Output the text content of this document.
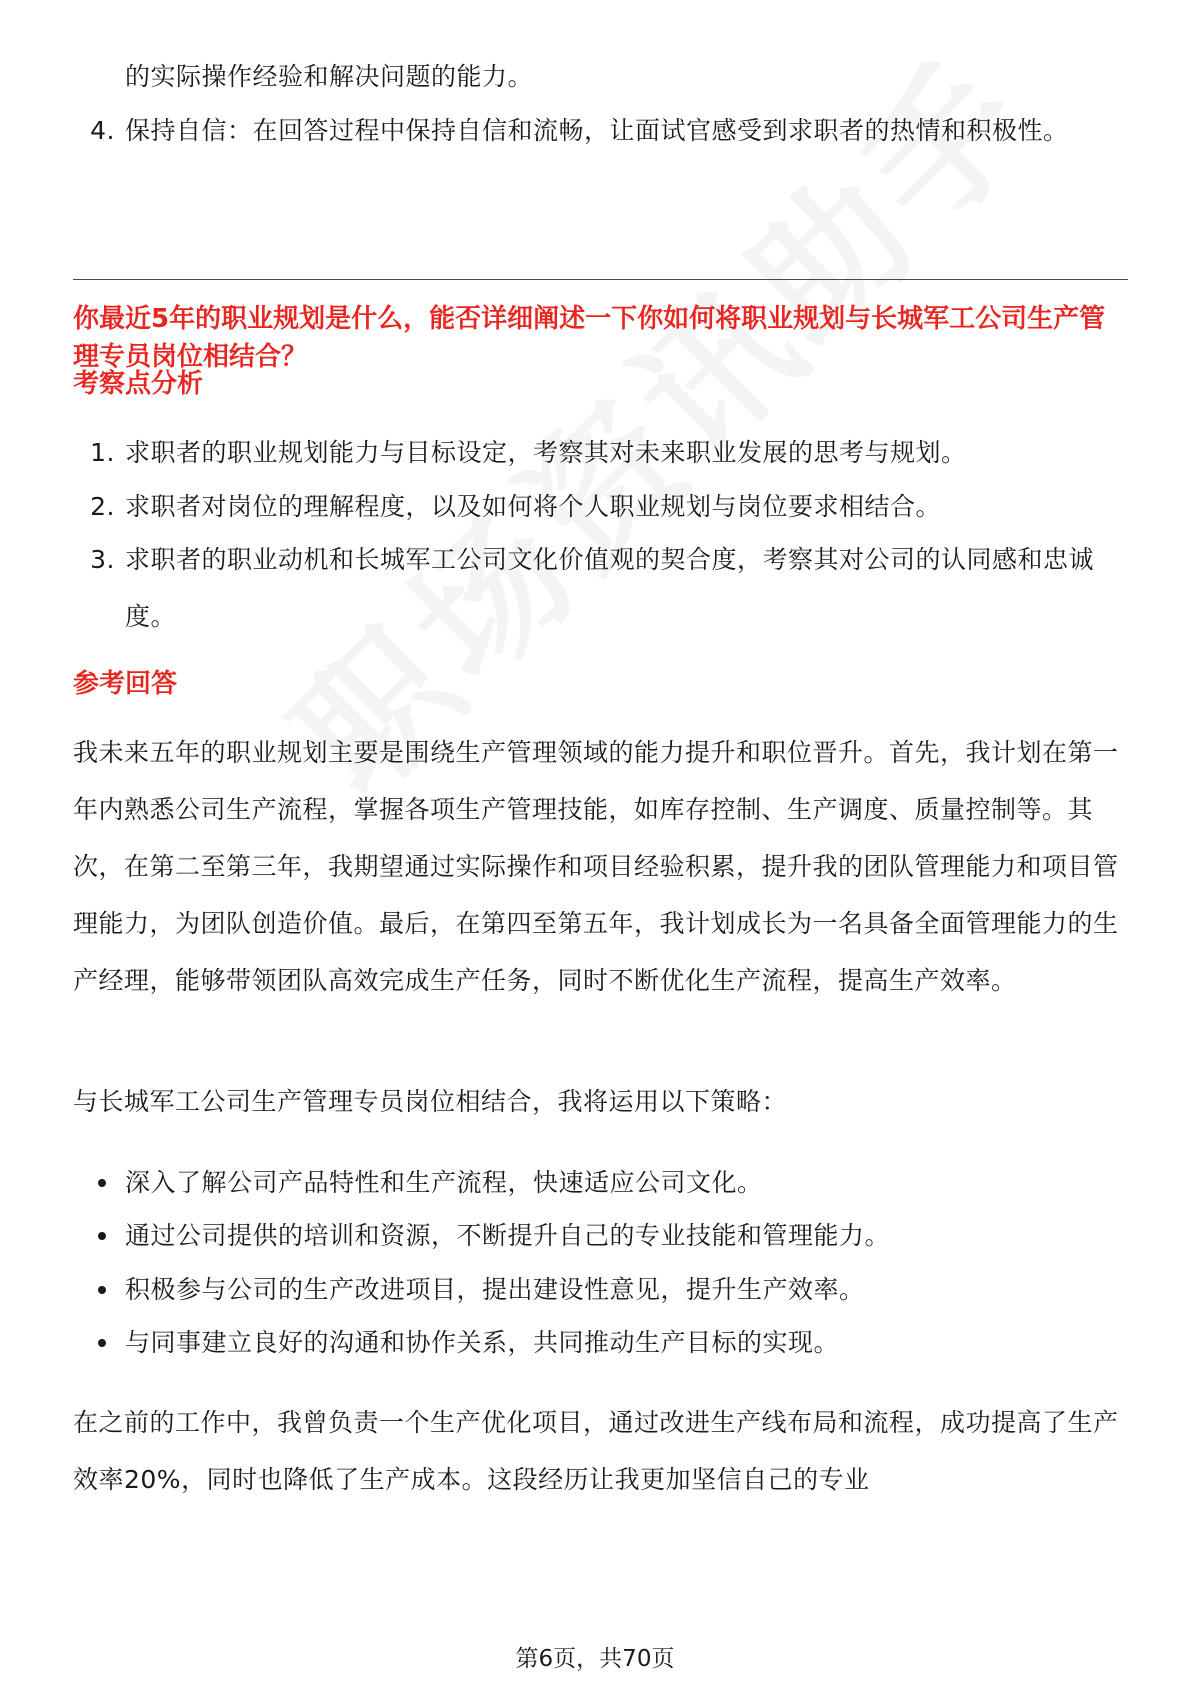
的实际操作经验和解决问题的能力。
4. 保持自信：在回答过程中保持自信和流畅，让面试官感受到求职者的热情和积极性。
你最近5年的职业规划是什么，能否详细阐述一下你如何将职业规划与长城军工公司生产管理专员岗位相结合？
考察点分析
1. 求职者的职业规划能力与目标设定，考察其对未来职业发展的思考与规划。
2. 求职者对岗位的理解程度，以及如何将个人职业规划与岗位要求相结合。
3. 求职者的职业动机和长城军工公司文化价值观的契合度，考察其对公司的认同感和忠诚度。
参考回答
我未来五年的职业规划主要是围绕生产管理领域的能力提升和职位晋升。首先，我计划在第一年内熟悉公司生产流程，掌握各项生产管理技能，如库存控制、生产调度、质量控制等。其次，在第二至第三年，我期望通过实际操作和项目经验积累，提升我的团队管理能力和项目管理能力，为团队创造价值。最后，在第四至第五年，我计划成长为一名具备全面管理能力的生产经理，能够带领团队高效完成生产任务，同时不断优化生产流程，提高生产效率。
与长城军工公司生产管理专员岗位相结合，我将运用以下策略：
深入了解公司产品特性和生产流程，快速适应公司文化。
通过公司提供的培训和资源，不断提升自己的专业技能和管理能力。
积极参与公司的生产改进项目，提出建设性意见，提升生产效率。
与同事建立良好的沟通和协作关系，共同推动生产目标的实现。
在之前的工作中，我曾负责一个生产优化项目，通过改进生产线布局和流程，成功提高了生产效率20%，同时也降低了生产成本。这段经历让我更加坚信自己的专业
第6页，共70页
